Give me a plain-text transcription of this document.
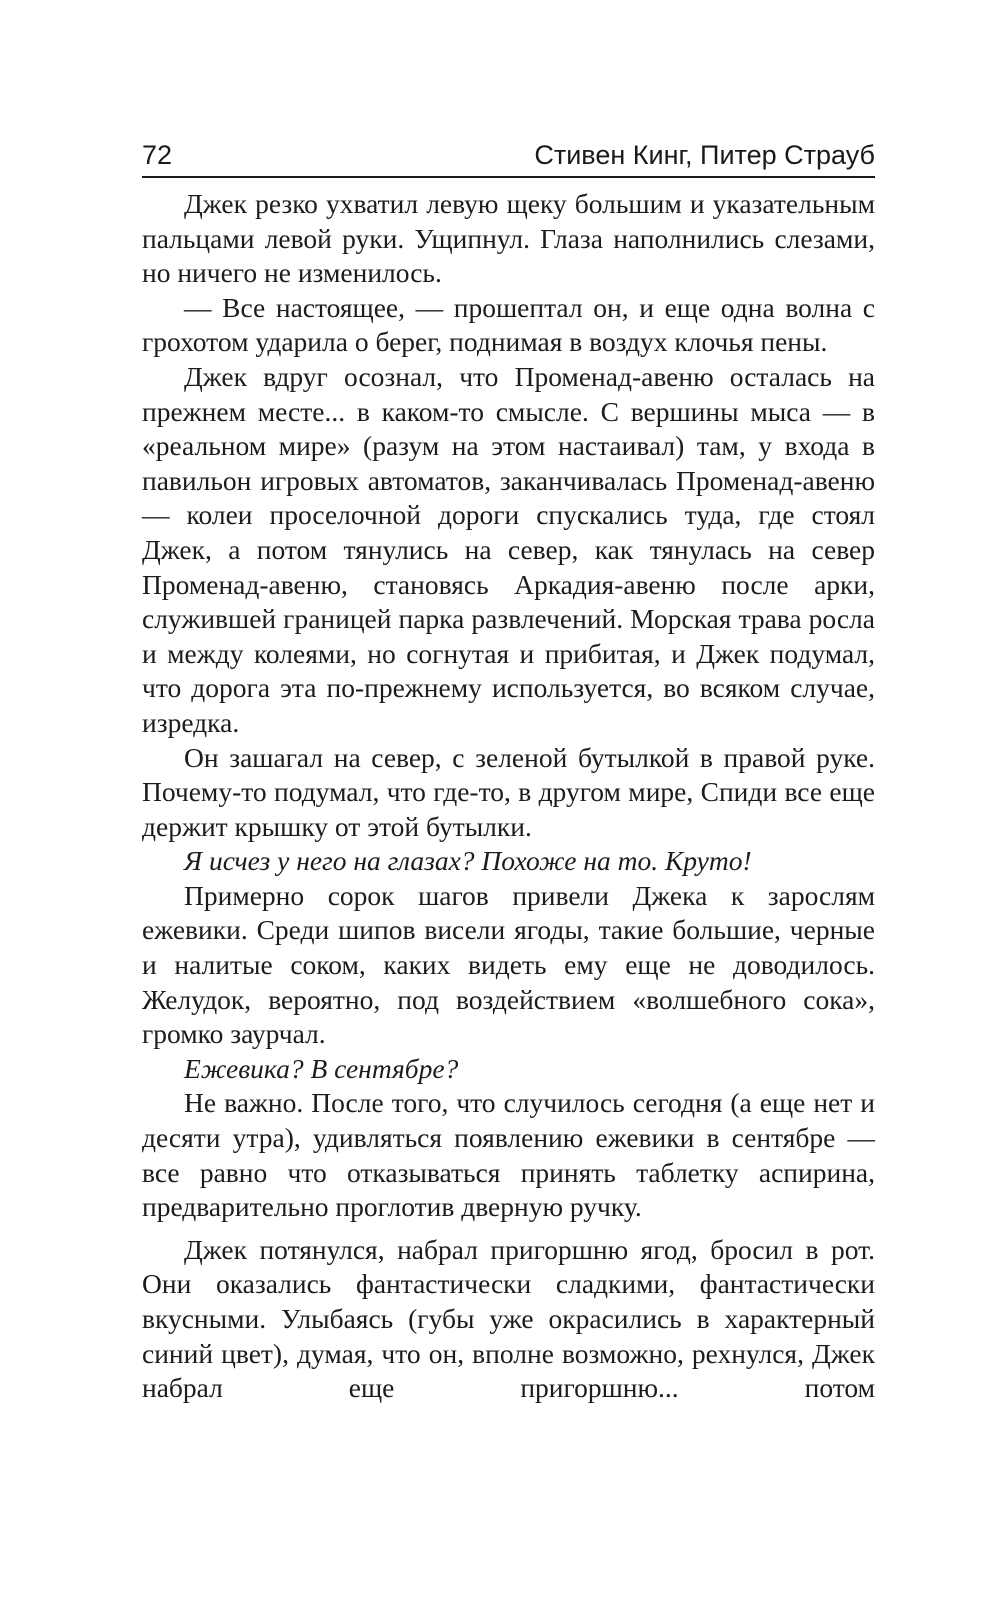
72	Стивен Кинг, Питер Страуб

Джек резко ухватил левую щеку большим и указательным пальцами левой руки. Ущипнул. Глаза наполнились слезами, но ничего не изменилось.

— Все настоящее, — прошептал он, и еще одна волна с грохотом ударила о берег, поднимая в воздух клочья пены.

Джек вдруг осознал, что Променад-авеню осталась на прежнем месте... в каком-то смысле. С вершины мыса — в «реальном мире» (разум на этом настаивал) там, у входа в павильон игровых автоматов, заканчивалась Променад-авеню — колеи проселочной дороги спускались туда, где стоял Джек, а потом тянулись на север, как тянулась на север Променад-авеню, становясь Аркадия-авеню после арки, служившей границей парка развлечений. Морская трава росла и между колеями, но согнутая и прибитая, и Джек подумал, что дорога эта по-прежнему используется, во всяком случае, изредка.

Он зашагал на север, с зеленой бутылкой в правой руке. Почему-то подумал, что где-то, в другом мире, Спиди все еще держит крышку от этой бутылки.

Я исчез у него на глазах? Похоже на то. Круто!

Примерно сорок шагов привели Джека к зарослям ежевики. Среди шипов висели ягоды, такие большие, черные и налитые соком, каких видеть ему еще не доводилось. Желудок, вероятно, под воздействием «волшебного сока», громко заурчал.

Ежевика? В сентябре?

Не важно. После того, что случилось сегодня (а еще нет и десяти утра), удивляться появлению ежевики в сентябре — все равно что отказываться принять таблетку аспирина, предварительно проглотив дверную ручку.

Джек потянулся, набрал пригоршню ягод, бросил в рот. Они оказались фантастически сладкими, фантастически вкусными. Улыбаясь (губы уже окрасились в характерный синий цвет), думая, что он, вполне возможно, рехнулся, Джек набрал еще пригоршню... потом
